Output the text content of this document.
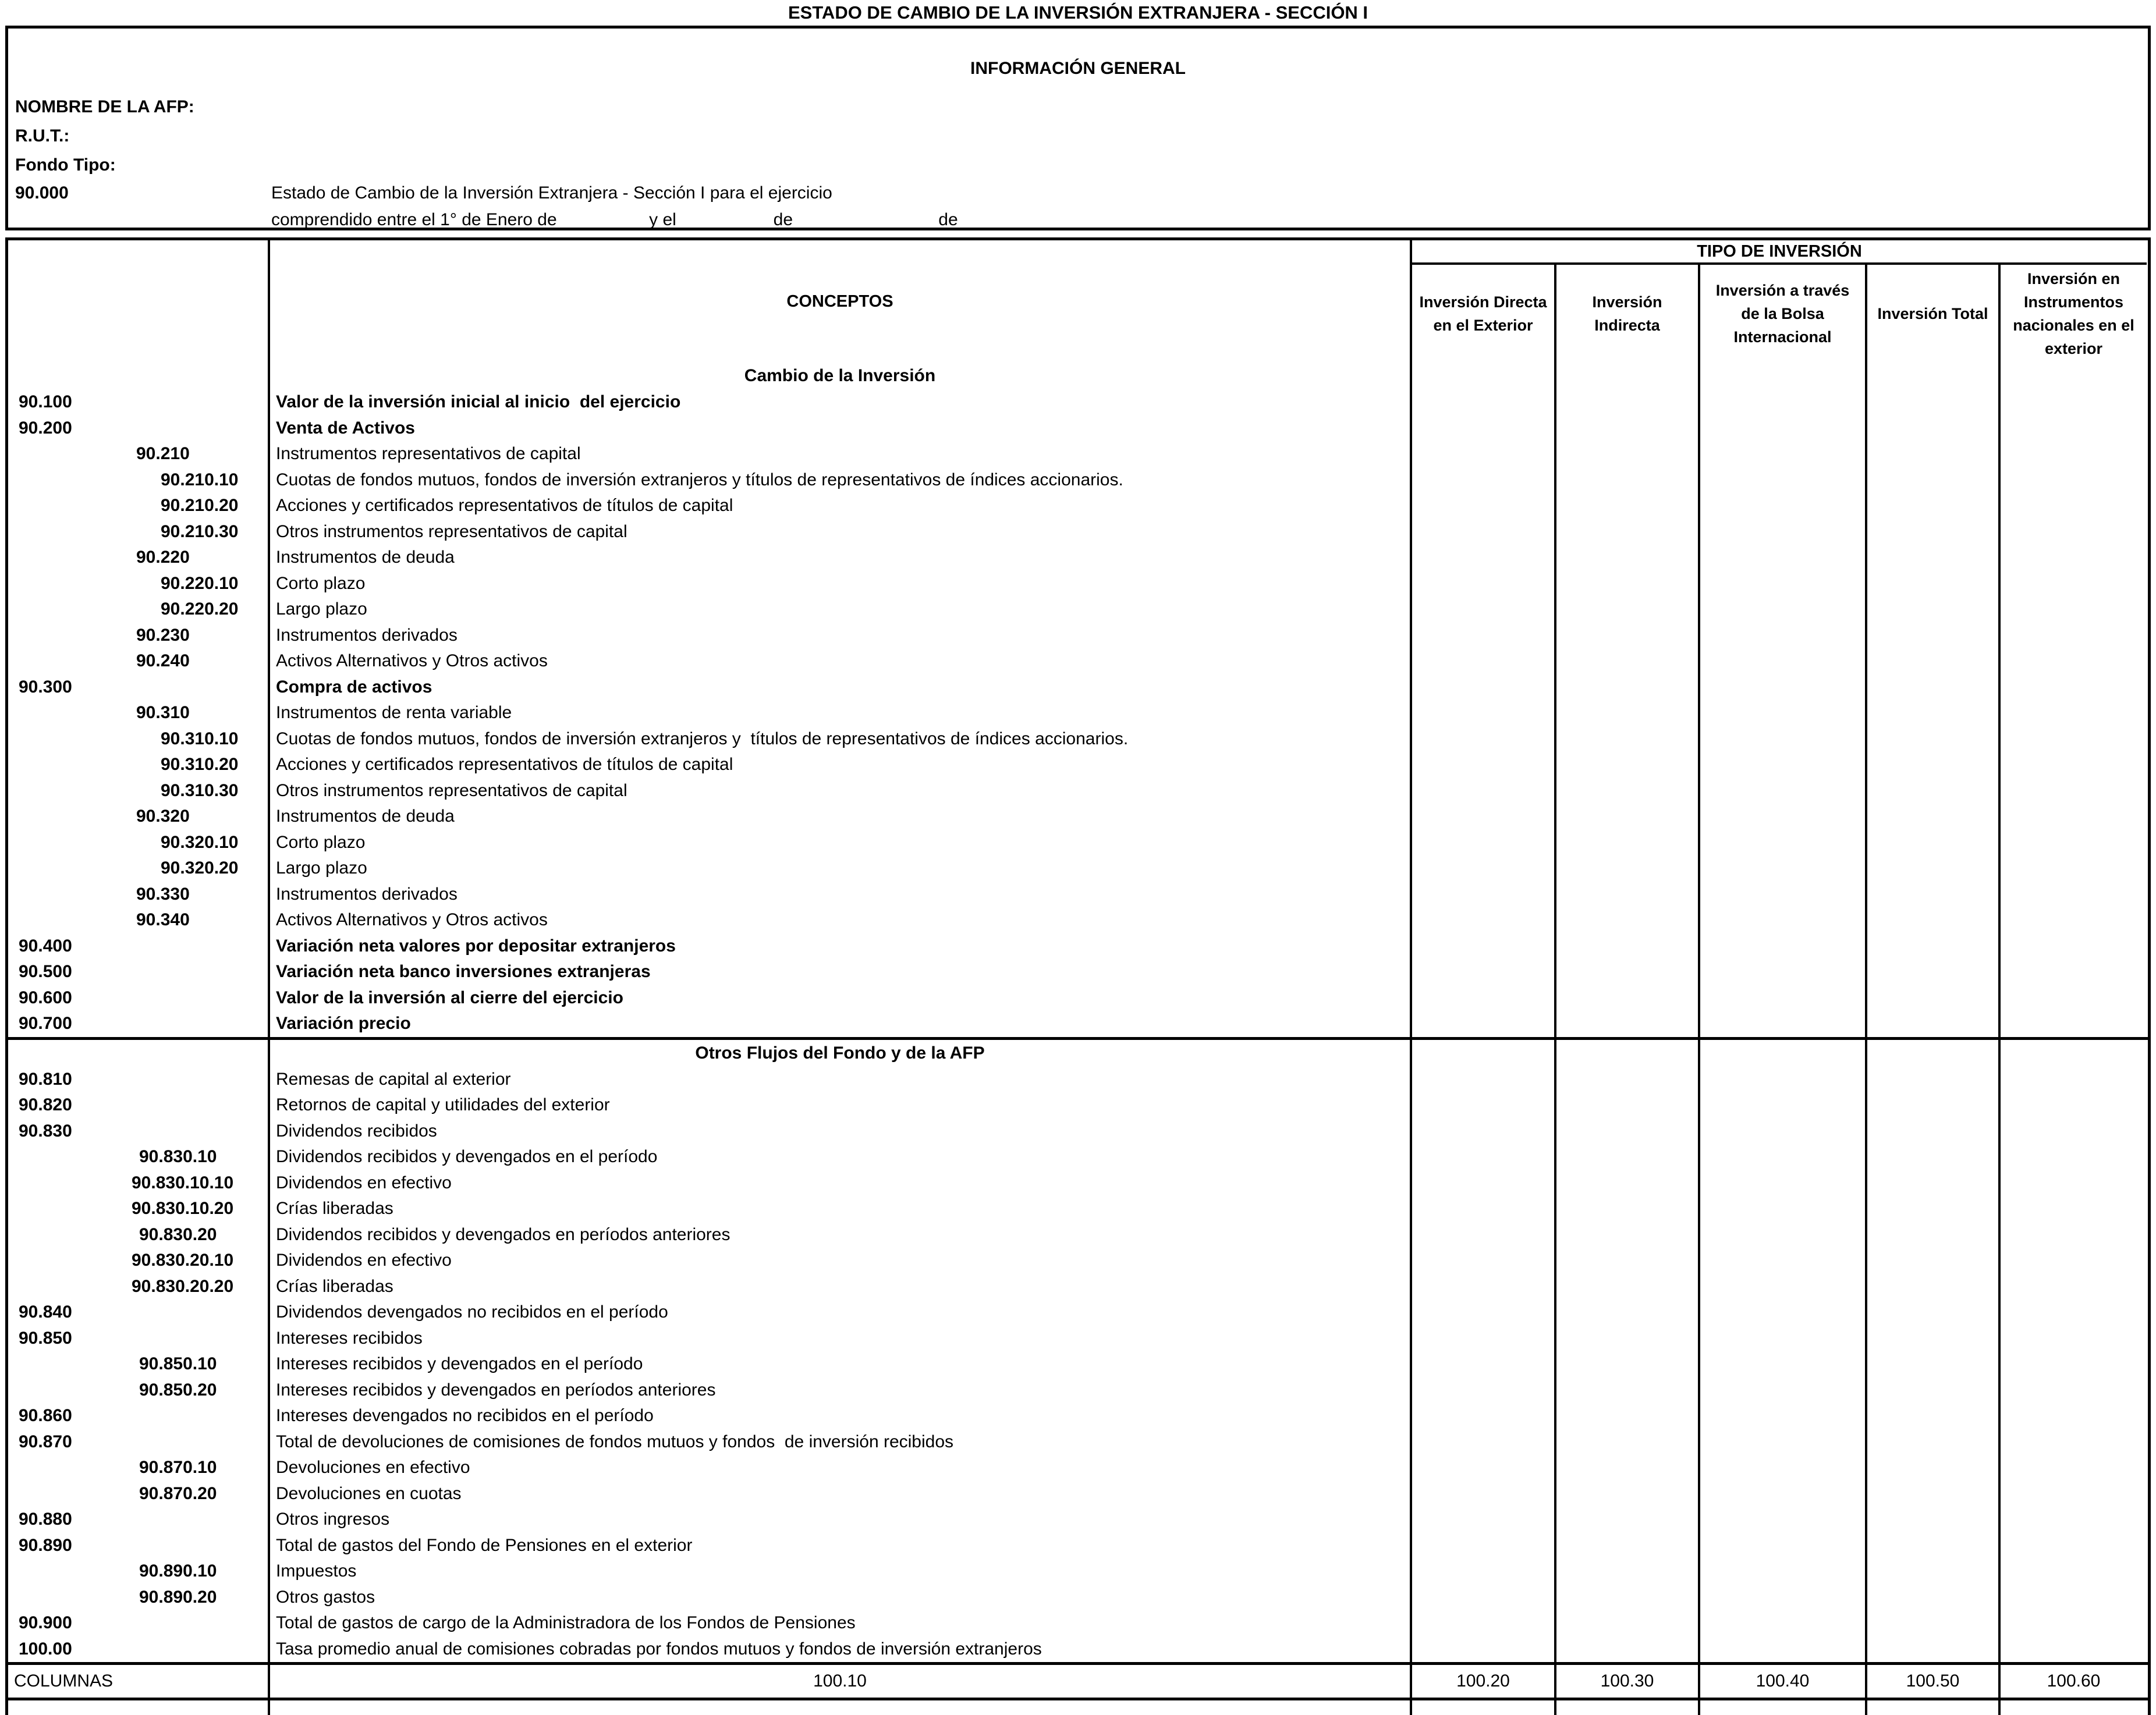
ESTADO DE CAMBIO DE LA INVERSIÓN EXTRANJERA - SECCIÓN I
INFORMACIÓN GENERAL
NOMBRE DE LA AFP:
R.U.T.:
Fondo Tipo:
90.000	Estado de Cambio de la Inversión Extranjera - Sección I para el ejercicio
comprendido entre el 1° de Enero de_________ y el _________ de ______________ de __________
CONCEPTOS
TIPO DE INVERSIÓN
Inversión Directa en el Exterior
Inversión Indirecta
Inversión a través de la Bolsa Internacional
Inversión Total
Inversión en Instrumentos nacionales en el exterior
Cambio de la Inversión
90.100	Valor de la inversión inicial al inicio  del ejercicio
90.200	Venta de Activos
90.210	Instrumentos representativos de capital
90.210.10	Cuotas de fondos mutuos, fondos de inversión extranjeros y títulos de representativos de índices accionarios.
90.210.20	Acciones y certificados representativos de títulos de capital
90.210.30	Otros instrumentos representativos de capital
90.220	Instrumentos de deuda
90.220.10	Corto plazo
90.220.20	Largo plazo
90.230	Instrumentos derivados
90.240	Activos Alternativos y Otros activos
90.300	Compra de activos
90.310	Instrumentos de renta variable
90.310.10	Cuotas de fondos mutuos, fondos de inversión extranjeros y  títulos de representativos de índices accionarios.
90.310.20	Acciones y certificados representativos de títulos de capital
90.310.30	Otros instrumentos representativos de capital
90.320	Instrumentos de deuda
90.320.10	Corto plazo
90.320.20	Largo plazo
90.330	Instrumentos derivados
90.340	Activos Alternativos y Otros activos
90.400	Variación neta valores por depositar extranjeros
90.500	Variación neta banco inversiones extranjeras
90.600	Valor de la inversión al cierre del ejercicio
90.700	Variación precio
Otros Flujos del Fondo y de la AFP
90.810	Remesas de capital al exterior
90.820	Retornos de capital y utilidades del exterior
90.830	Dividendos recibidos
90.830.10	Dividendos recibidos y devengados en el período
90.830.10.10	Dividendos en efectivo
90.830.10.20	Crías liberadas
90.830.20	Dividendos recibidos y devengados en períodos anteriores
90.830.20.10	Dividendos en efectivo
90.830.20.20	Crías liberadas
90.840	Dividendos devengados no recibidos en el período
90.850	Intereses recibidos
90.850.10	Intereses recibidos y devengados en el período
90.850.20	Intereses recibidos y devengados en períodos anteriores
90.860	Intereses devengados no recibidos en el período
90.870	Total de devoluciones de comisiones de fondos mutuos y fondos  de inversión recibidos
90.870.10	Devoluciones en efectivo
90.870.20	Devoluciones en cuotas
90.880	Otros ingresos
90.890	Total de gastos del Fondo de Pensiones en el exterior
90.890.10	Impuestos
90.890.20	Otros gastos
90.900	Total de gastos de cargo de la Administradora de los Fondos de Pensiones
100.00	Tasa promedio anual de comisiones cobradas por fondos mutuos y fondos de inversión extranjeros
COLUMNAS	100.10	100.20	100.30	100.40	100.50	100.60
